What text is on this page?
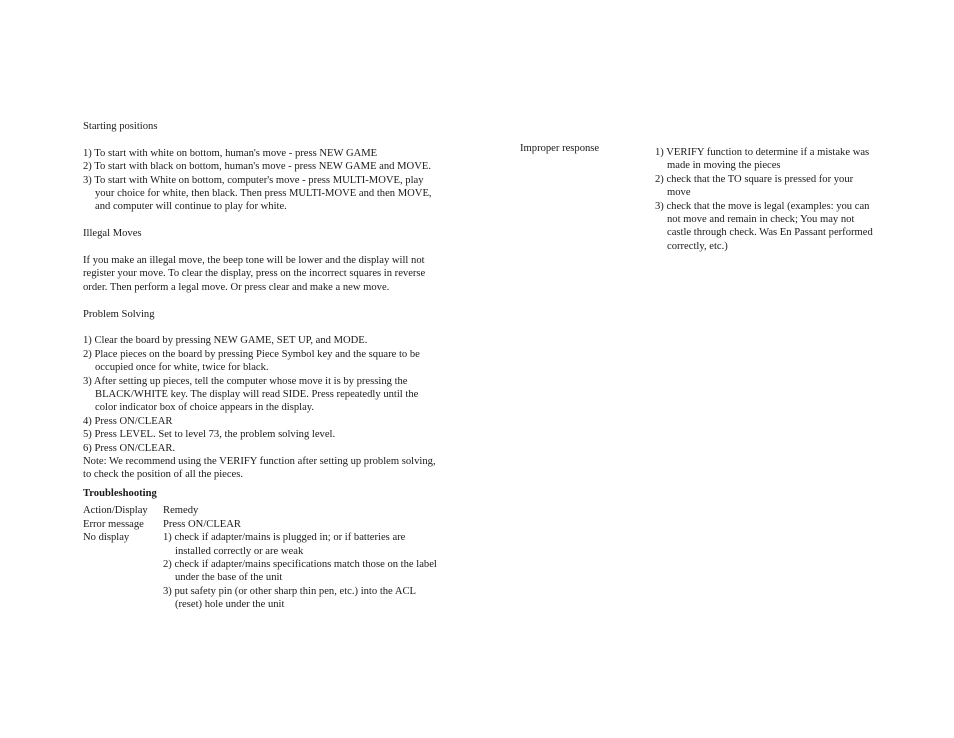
Starting positions

1) To start with white on bottom, human's move - press NEW GAME
2) To start with black on bottom, human's move - press NEW GAME and MOVE.
3) To start with White on bottom, computer's move - press MULTI-MOVE, play your choice for white, then black. Then press MULTI-MOVE and then MOVE, and computer will continue to play for white.

Illegal Moves

If you make an illegal move, the beep tone will be lower and the display will not register your move. To clear the display, press on the incorrect squares in reverse order. Then perform a legal move. Or press clear and make a new move.

Problem Solving

1) Clear the board by pressing NEW GAME, SET UP, and MODE.
2) Place pieces on the board by pressing Piece Symbol key and the square to be occupied once for white, twice for black.
3) After setting up pieces, tell the computer whose move it is by pressing the BLACK/WHITE key. The display will read SIDE. Press repeatedly until the color indicator box of choice appears in the display.
4) Press ON/CLEAR
5) Press LEVEL. Set to level 73, the problem solving level.
6) Press ON/CLEAR.

Note: We recommend using the VERIFY function after setting up problem solving, to check the position of all the pieces.

Troubleshooting

Action/Display	Remedy
Error message	Press ON/CLEAR
No display	1) check if adapter/mains is plugged in; or if batteries are installed correctly or are weak
2) check if adapter/mains specifications match those on the label under the base of the unit
3) put safety pin (or other sharp thin pen, etc.) into the ACL (reset) hole under the unit
Improper response	1) VERIFY function to determine if a mistake was made in moving the pieces
2) check that the TO square is pressed for your move
3) check that the move is legal (examples: you can not move and remain in check; You may not castle through check. Was En Passant performed correctly, etc.)
